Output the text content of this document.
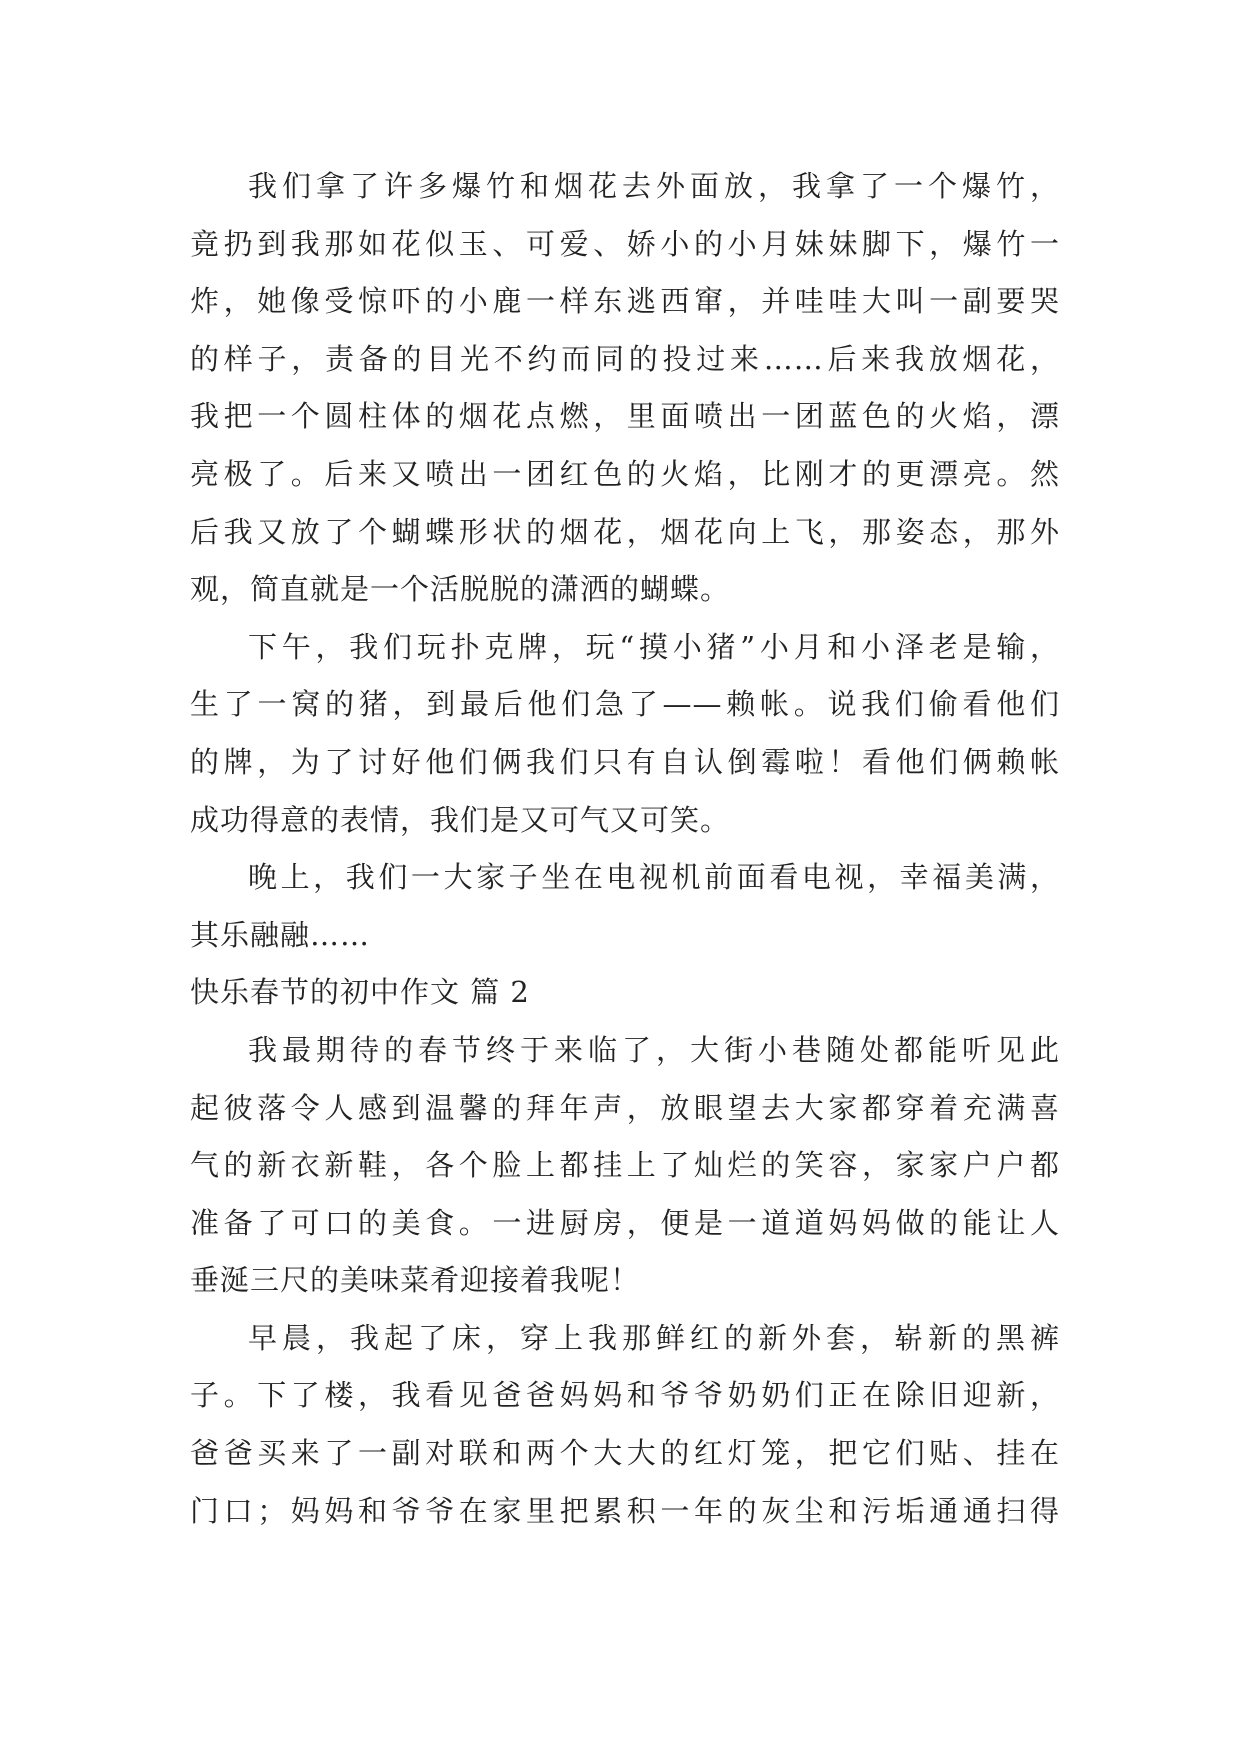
我们拿了许多爆竹和烟花去外面放，我拿了一个爆竹，
竟扔到我那如花似玉、可爱、娇小的小月妹妹脚下，爆竹一
炸，她像受惊吓的小鹿一样东逃西窜，并哇哇大叫一副要哭
的样子，责备的目光不约而同的投过来……后来我放烟花，
我把一个圆柱体的烟花点燃，里面喷出一团蓝色的火焰，漂
亮极了。后来又喷出一团红色的火焰，比刚才的更漂亮。然
后我又放了个蝴蝶形状的烟花，烟花向上飞，那姿态，那外
观，简直就是一个活脱脱的潇洒的蝴蝶。
下午，我们玩扑克牌，玩“摸小猪”小月和小泽老是输，
生了一窝的猪，到最后他们急了——赖帐。说我们偷看他们
的牌，为了讨好他们俩我们只有自认倒霉啦！看他们俩赖帐
成功得意的表情，我们是又可气又可笑。
晚上，我们一大家子坐在电视机前面看电视，幸福美满，
其乐融融……
快乐春节的初中作文 篇 2
我最期待的春节终于来临了，大街小巷随处都能听见此
起彼落令人感到温馨的拜年声，放眼望去大家都穿着充满喜
气的新衣新鞋，各个脸上都挂上了灿烂的笑容，家家户户都
准备了可口的美食。一进厨房，便是一道道妈妈做的能让人
垂涎三尺的美味菜肴迎接着我呢！
早晨，我起了床，穿上我那鲜红的新外套，崭新的黑裤
子。下了楼，我看见爸爸妈妈和爷爷奶奶们正在除旧迎新，
爸爸买来了一副对联和两个大大的红灯笼，把它们贴、挂在
门口；妈妈和爷爷在家里把累积一年的灰尘和污垢通通扫得
